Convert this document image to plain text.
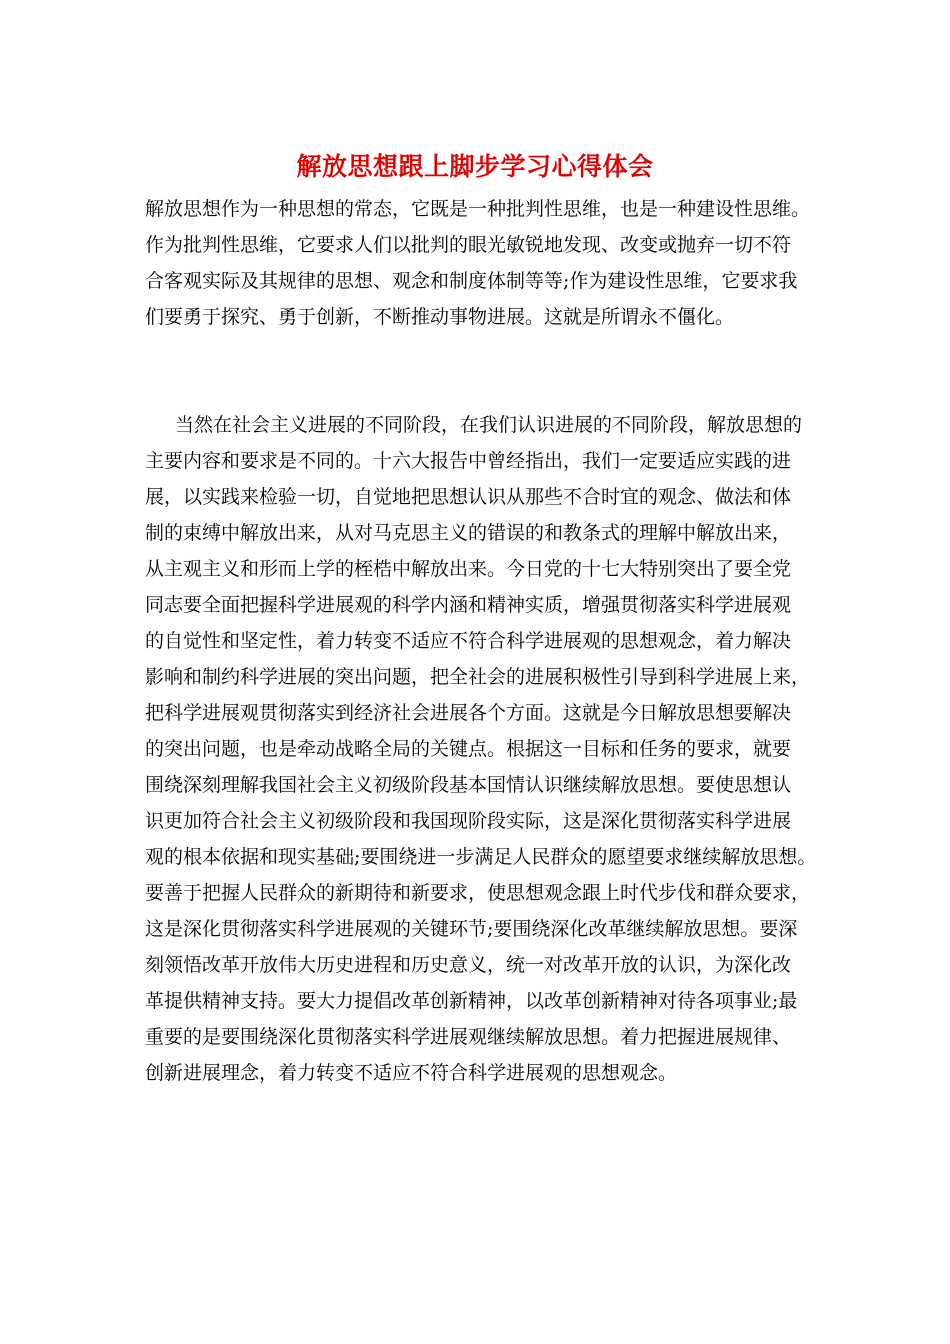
解放思想跟上脚步学习心得体会

解放思想作为一种思想的常态，它既是一种批判性思维，也是一种建设性思维。

作为批判性思维，它要求人们以批判的眼光敏锐地发现、改变或抛弃一切不符

合客观实际及其规律的思想、观念和制度体制等等;作为建设性思维，它要求我

们要勇于探究、勇于创新，不断推动事物进展。这就是所谓永不僵化。

当然在社会主义进展的不同阶段，在我们认识进展的不同阶段，解放思想的

主要内容和要求是不同的。十六大报告中曾经指出，我们一定要适应实践的进

展，以实践来检验一切，自觉地把思想认识从那些不合时宜的观念、做法和体

制的束缚中解放出来，从对马克思主义的错误的和教条式的理解中解放出来，

从主观主义和形而上学的桎梏中解放出来。今日党的十七大特别突出了要全党

同志要全面把握科学进展观的科学内涵和精神实质，增强贯彻落实科学进展观

的自觉性和坚定性，着力转变不适应不符合科学进展观的思想观念，着力解决

影响和制约科学进展的突出问题，把全社会的进展积极性引导到科学进展上来，

把科学进展观贯彻落实到经济社会进展各个方面。这就是今日解放思想要解决

的突出问题，也是牵动战略全局的关键点。根据这一目标和任务的要求，就要

围绕深刻理解我国社会主义初级阶段基本国情认识继续解放思想。要使思想认

识更加符合社会主义初级阶段和我国现阶段实际，这是深化贯彻落实科学进展

观的根本依据和现实基础;要围绕进一步满足人民群众的愿望要求继续解放思想。

要善于把握人民群众的新期待和新要求，使思想观念跟上时代步伐和群众要求，

这是深化贯彻落实科学进展观的关键环节;要围绕深化改革继续解放思想。要深

刻领悟改革开放伟大历史进程和历史意义，统一对改革开放的认识，为深化改

革提供精神支持。要大力提倡改革创新精神，以改革创新精神对待各项事业;最

重要的是要围绕深化贯彻落实科学进展观继续解放思想。着力把握进展规律、

创新进展理念，着力转变不适应不符合科学进展观的思想观念。
